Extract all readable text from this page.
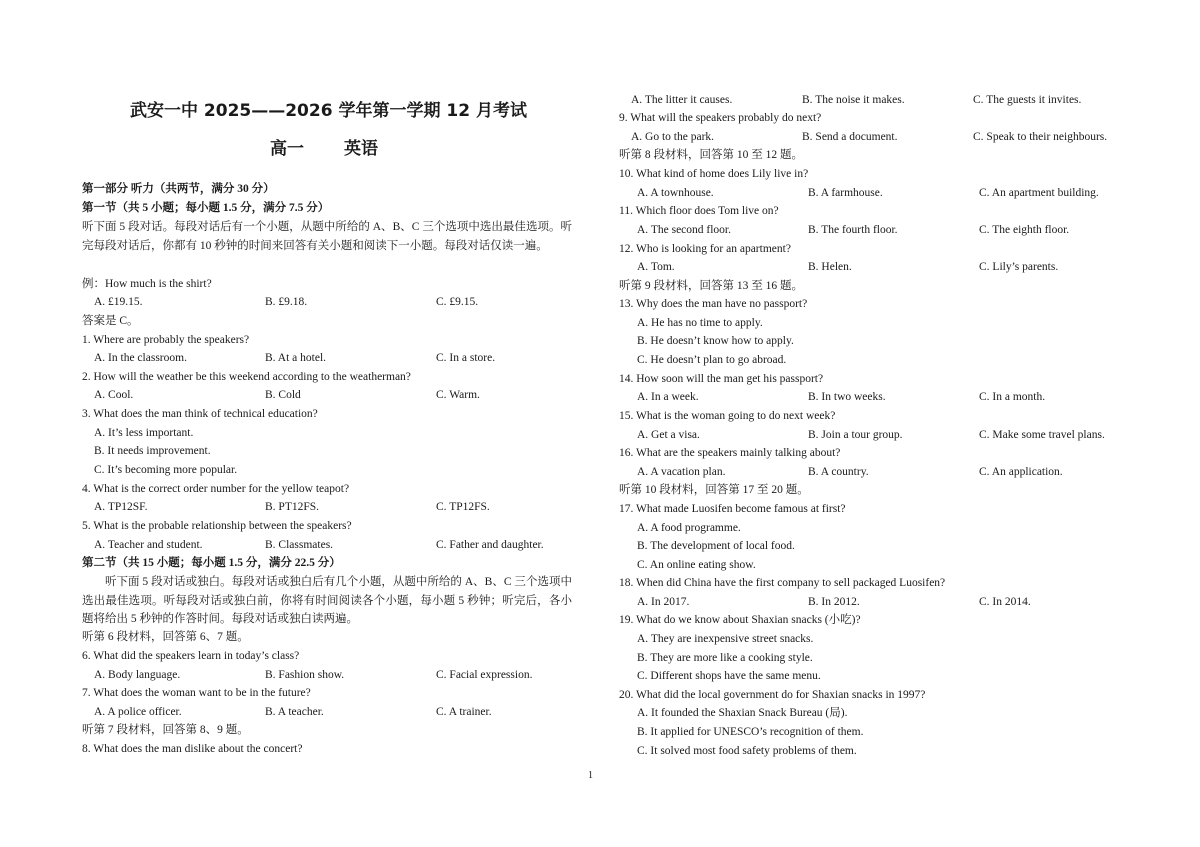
武安一中 2025——2026 学年第一学期 12 月考试
高一 英语
第一部分 听力（共两节，满分 30 分）
第一节（共 5 小题；每小题 1.5 分，满分 7.5 分）
听下面 5 段对话。每段对话后有一个小题，从题中所给的 A、B、C 三个选项中选出最佳选项。听完每段对话后，你都有 10 秒钟的时间来回答有关小题和阅读下一小题。每段对话仅读一遍。
例：How much is the shirt?
A. £19.15.	B. £9.18.	C. £9.15.
答案是 C。
1. Where are probably the speakers?
A. In the classroom.	B. At a hotel.	C. In a store.
2. How will the weather be this weekend according to the weatherman?
A. Cool.	B. Cold	C. Warm.
3. What does the man think of technical education?
A. It’s less important.
B. It needs improvement.
C. It’s becoming more popular.
4. What is the correct order number for the yellow teapot?
A. TP12SF.	B. PT12FS.	C. TP12FS.
5. What is the probable relationship between the speakers?
A. Teacher and student.	B. Classmates.	C. Father and daughter.
第二节（共 15 小题；每小题 1.5 分，满分 22.5 分）
听下面 5 段对话或独白。每段对话或独白后有几个小题，从题中所给的 A、B、C 三个选项中选出最佳选项。听每段对话或独白前，你将有时间阅读各个小题，每小题 5 秒钟；听完后，各小题将给出 5 秒钟的作答时间。每段对话或独白读两遍。
听第 6 段材料，回答第 6、7 题。
6. What did the speakers learn in today’s class?
A. Body language.	B. Fashion show.	C. Facial expression.
7. What does the woman want to be in the future?
A. A police officer.	B. A teacher.	C. A trainer.
听第 7 段材料，回答第 8、9 题。
8. What does the man dislike about the concert?
A. The litter it causes.	B. The noise it makes.	C. The guests it invites.
9. What will the speakers probably do next?
A. Go to the park.	B. Send a document.	C. Speak to their neighbours.
听第 8 段材料，回答第 10 至 12 题。
10. What kind of home does Lily live in?
A. A townhouse.	B. A farmhouse.	C. An apartment building.
11. Which floor does Tom live on?
A. The second floor.	B. The fourth floor.	C. The eighth floor.
12. Who is looking for an apartment?
A. Tom.	B. Helen.	C. Lily’s parents.
听第 9 段材料，回答第 13 至 16 题。
13. Why does the man have no passport?
A. He has no time to apply.
B. He doesn’t know how to apply.
C. He doesn’t plan to go abroad.
14. How soon will the man get his passport?
A. In a week.	B. In two weeks.	C. In a month.
15. What is the woman going to do next week?
A. Get a visa.	B. Join a tour group.	C. Make some travel plans.
16. What are the speakers mainly talking about?
A. A vacation plan.	B. A country.	C. An application.
听第 10 段材料，回答第 17 至 20 题。
17. What made Luosifen become famous at first?
A. A food programme.
B. The development of local food.
C. An online eating show.
18. When did China have the first company to sell packaged Luosifen?
A. In 2017.	B. In 2012.	C. In 2014.
19. What do we know about Shaxian snacks (小吃)?
A. They are inexpensive street snacks.
B. They are more like a cooking style.
C. Different shops have the same menu.
20. What did the local government do for Shaxian snacks in 1997?
A. It founded the Shaxian Snack Bureau (局).
B. It applied for UNESCO’s recognition of them.
C. It solved most food safety problems of them.
1
